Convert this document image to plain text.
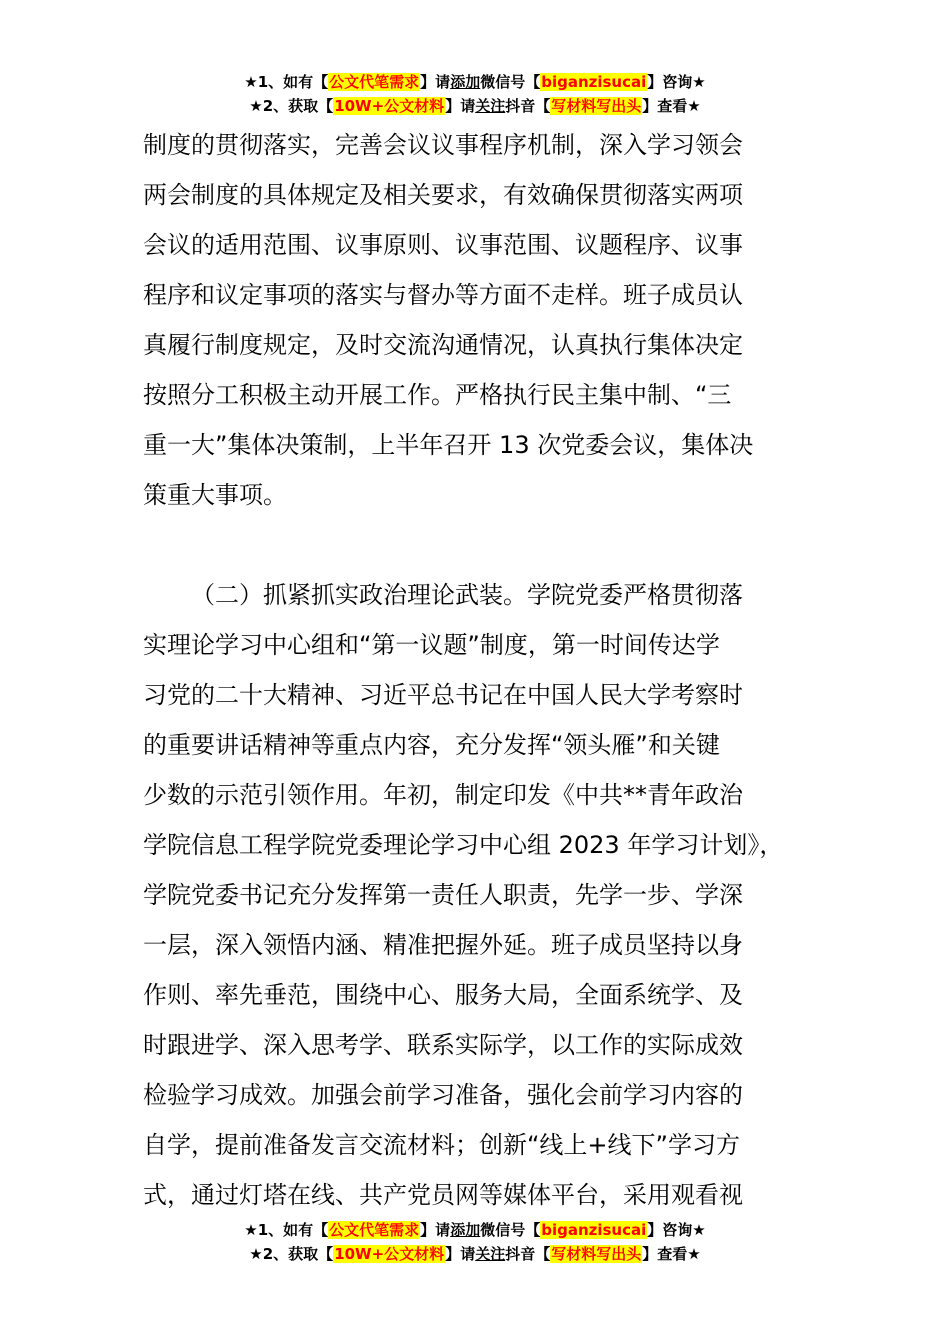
★1、如有【公文代笔需求】请添加微信号【biganzisucai】咨询★
★2、获取【10W+公文材料】请关注抖音【写材料写出头】查看★
制度的贯彻落实，完善会议议事程序机制，深入学习领会
两会制度的具体规定及相关要求，有效确保贯彻落实两项
会议的适用范围、议事原则、议事范围、议题程序、议事
程序和议定事项的落实与督办等方面不走样。班子成员认
真履行制度规定，及时交流沟通情况，认真执行集体决定
按照分工积极主动开展工作。严格执行民主集中制、“三
重一大”集体决策制，上半年召开 13 次党委会议，集体决
策重大事项。
（二）抓紧抓实政治理论武装。学院党委严格贯彻落
实理论学习中心组和“第一议题”制度，第一时间传达学
习党的二十大精神、习近平总书记在中国人民大学考察时
的重要讲话精神等重点内容，充分发挥“领头雁”和关键
少数的示范引领作用。年初，制定印发《中共**青年政治
学院信息工程学院党委理论学习中心组 2023 年学习计划》，
学院党委书记充分发挥第一责任人职责，先学一步、学深
一层，深入领悟内涵、精准把握外延。班子成员坚持以身
作则、率先垂范，围绕中心、服务大局，全面系统学、及
时跟进学、深入思考学、联系实际学，以工作的实际成效
检验学习成效。加强会前学习准备，强化会前学习内容的
自学，提前准备发言交流材料；创新“线上+线下”学习方
式，通过灯塔在线、共产党员网等媒体平台，采用观看视
★1、如有【公文代笔需求】请添加微信号【biganzisucai】咨询★
★2、获取【10W+公文材料】请关注抖音【写材料写出头】查看★
